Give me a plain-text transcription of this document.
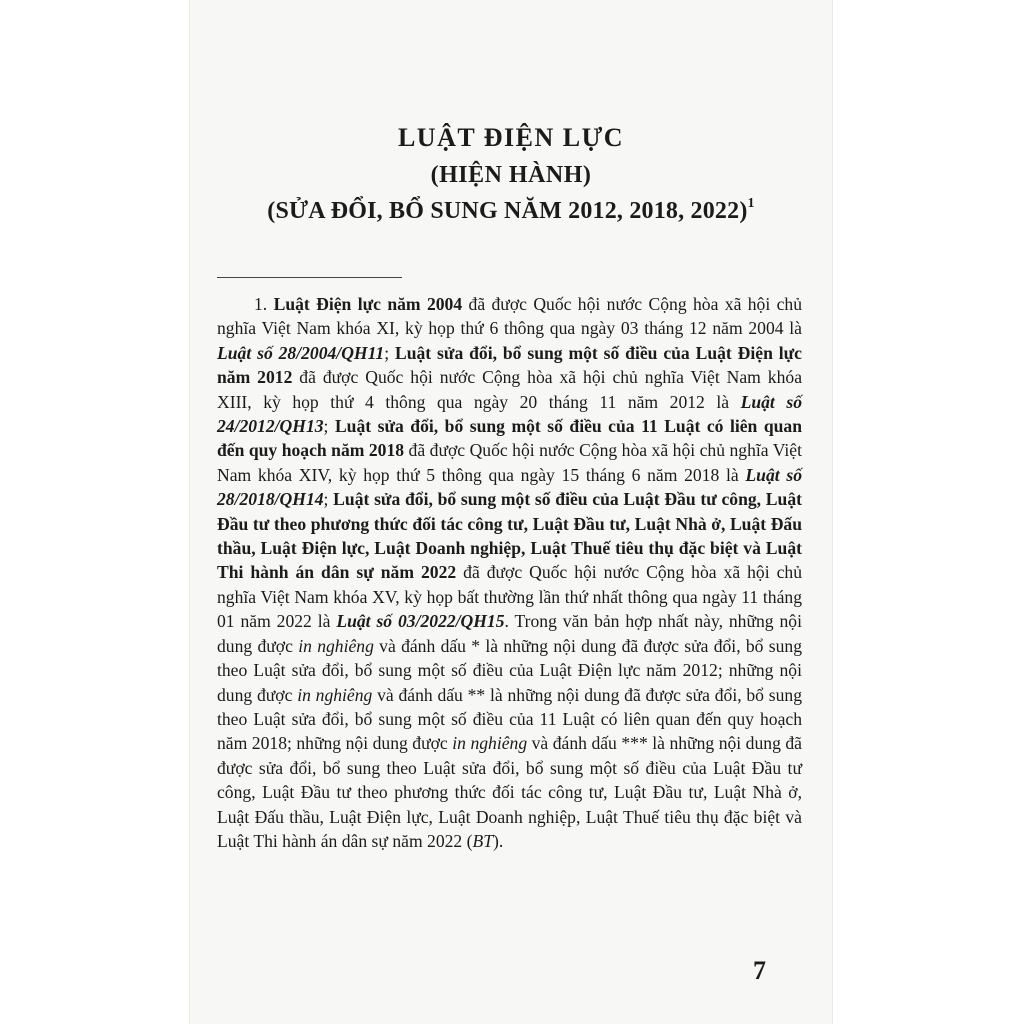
LUẬT ĐIỆN LỰC
(HIỆN HÀNH)
(SỬA ĐỔI, BỔ SUNG NĂM 2012, 2018, 2022)$^1$

1. Luật Điện lực năm 2004 đã được Quốc hội nước Cộng hòa xã hội chủ nghĩa Việt Nam khóa XI, kỳ họp thứ 6 thông qua ngày 03 tháng 12 năm 2004 là Luật số 28/2004/QH11; Luật sửa đổi, bổ sung một số điều của Luật Điện lực năm 2012 đã được Quốc hội nước Cộng hòa xã hội chủ nghĩa Việt Nam khóa XIII, kỳ họp thứ 4 thông qua ngày 20 tháng 11 năm 2012 là Luật số 24/2012/QH13; Luật sửa đổi, bổ sung một số điều của 11 Luật có liên quan đến quy hoạch năm 2018 đã được Quốc hội nước Cộng hòa xã hội chủ nghĩa Việt Nam khóa XIV, kỳ họp thứ 5 thông qua ngày 15 tháng 6 năm 2018 là Luật số 28/2018/QH14; Luật sửa đổi, bổ sung một số điều của Luật Đầu tư công, Luật Đầu tư theo phương thức đối tác công tư, Luật Đầu tư, Luật Nhà ở, Luật Đấu thầu, Luật Điện lực, Luật Doanh nghiệp, Luật Thuế tiêu thụ đặc biệt và Luật Thi hành án dân sự năm 2022 đã được Quốc hội nước Cộng hòa xã hội chủ nghĩa Việt Nam khóa XV, kỳ họp bất thường lần thứ nhất thông qua ngày 11 tháng 01 năm 2022 là Luật số 03/2022/QH15. Trong văn bản hợp nhất này, những nội dung được in nghiêng và đánh dấu * là những nội dung đã được sửa đổi, bổ sung theo Luật sửa đổi, bổ sung một số điều của Luật Điện lực năm 2012; những nội dung được in nghiêng và đánh dấu ** là những nội dung đã được sửa đổi, bổ sung theo Luật sửa đổi, bổ sung một số điều của 11 Luật có liên quan đến quy hoạch năm 2018; những nội dung được in nghiêng và đánh dấu *** là những nội dung đã được sửa đổi, bổ sung theo Luật sửa đổi, bổ sung một số điều của Luật Đầu tư công, Luật Đầu tư theo phương thức đối tác công tư, Luật Đầu tư, Luật Nhà ở, Luật Đấu thầu, Luật Điện lực, Luật Doanh nghiệp, Luật Thuế tiêu thụ đặc biệt và Luật Thi hành án dân sự năm 2022 (BT).

7
